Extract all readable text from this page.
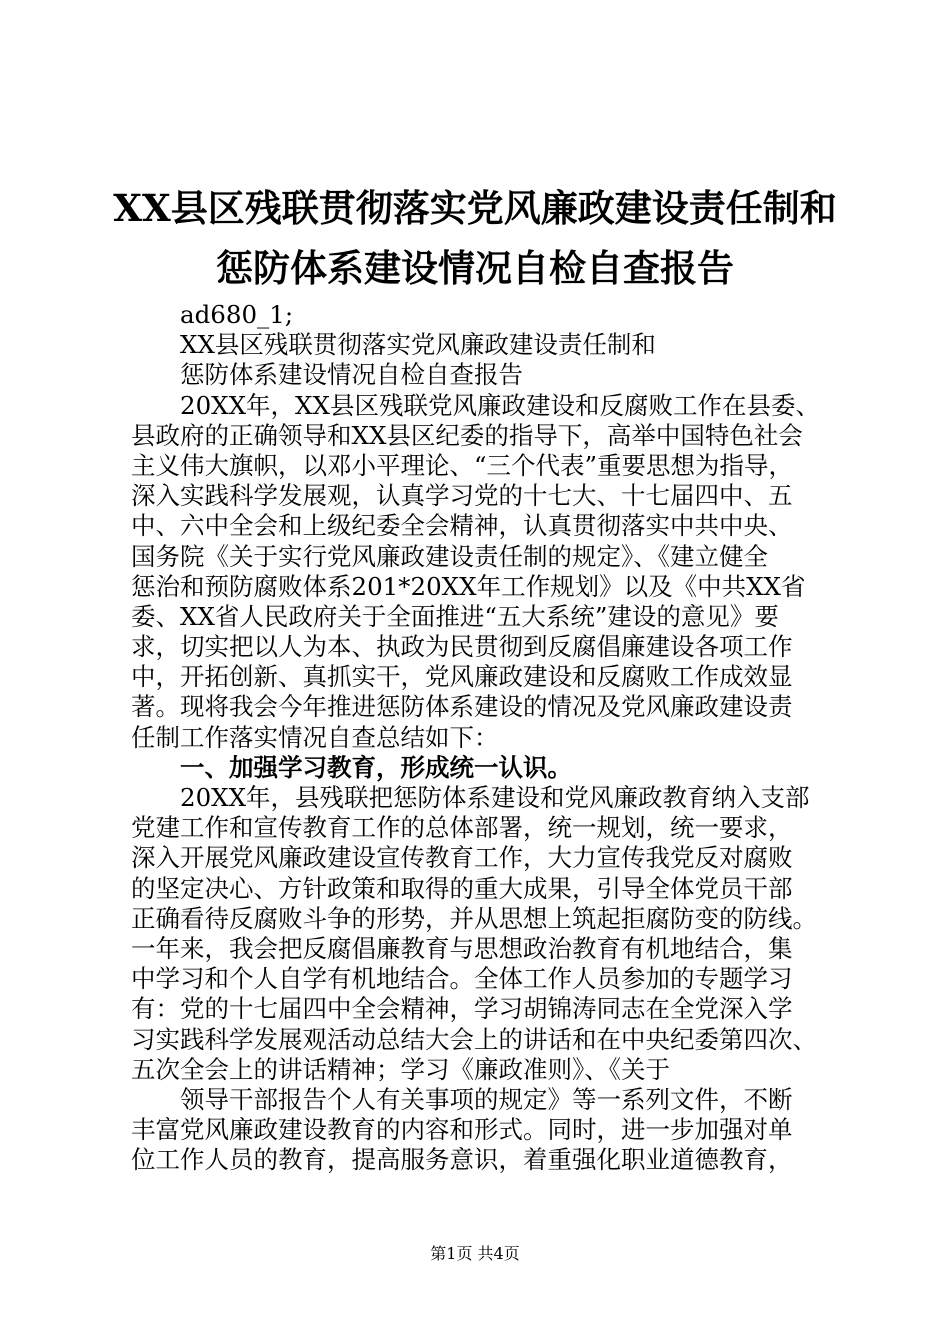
XX县区残联贯彻落实党风廉政建设责任制和
惩防体系建设情况自检自查报告
ad680_1;
XX县区残联贯彻落实党风廉政建设责任制和
惩防体系建设情况自检自查报告
20XX年，XX县区残联党风廉政建设和反腐败工作在县委、
县政府的正确领导和XX县区纪委的指导下，高举中国特色社会
主义伟大旗帜，以邓小平理论、“三个代表”重要思想为指导，
深入实践科学发展观，认真学习党的十七大、十七届四中、五
中、六中全会和上级纪委全会精神，认真贯彻落实中共中央、
国务院《关于实行党风廉政建设责任制的规定》、《建立健全
惩治和预防腐败体系201*20XX年工作规划》以及《中共XX省
委、XX省人民政府关于全面推进“五大系统”建设的意见》要
求，切实把以人为本、执政为民贯彻到反腐倡廉建设各项工作
中，开拓创新、真抓实干，党风廉政建设和反腐败工作成效显
著。现将我会今年推进惩防体系建设的情况及党风廉政建设责
任制工作落实情况自查总结如下：
一、加强学习教育，形成统一认识。
20XX年，县残联把惩防体系建设和党风廉政教育纳入支部
党建工作和宣传教育工作的总体部署，统一规划，统一要求，
深入开展党风廉政建设宣传教育工作，大力宣传我党反对腐败
的坚定决心、方针政策和取得的重大成果，引导全体党员干部
正确看待反腐败斗争的形势，并从思想上筑起拒腐防变的防线。
一年来，我会把反腐倡廉教育与思想政治教育有机地结合，集
中学习和个人自学有机地结合。全体工作人员参加的专题学习
有：党的十七届四中全会精神，学习胡锦涛同志在全党深入学
习实践科学发展观活动总结大会上的讲话和在中央纪委第四次、
五次全会上的讲话精神；学习《廉政准则》、《关于
领导干部报告个人有关事项的规定》等一系列文件，不断
丰富党风廉政建设教育的内容和形式。同时，进一步加强对单
位工作人员的教育，提高服务意识，着重强化职业道德教育，
第1页 共4页
